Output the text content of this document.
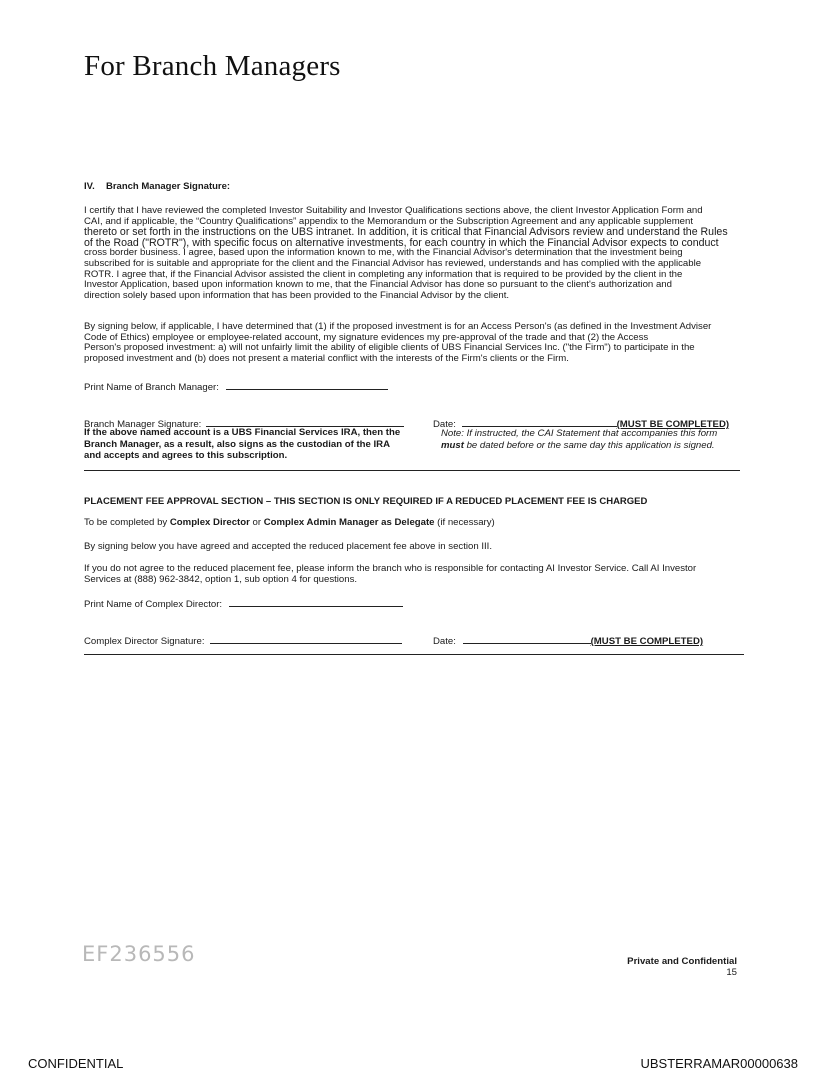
For Branch Managers
IV. Branch Manager Signature:
I certify that I have reviewed the completed Investor Suitability and Investor Qualifications sections above, the client Investor Application Form and
CAI, and if applicable, the “Country Qualifications” appendix to the Memorandum or the Subscription Agreement and any applicable supplement
thereto or set forth in the instructions on the UBS intranet. In addition, it is critical that Financial Advisors review and understand the Rules
of the Road ("ROTR"), with specific focus on alternative investments, for each country in which the Financial Advisor expects to conduct
cross border business. I agree, based upon the information known to me, with the Financial Advisor's determination that the investment being
subscribed for is suitable and appropriate for the client and the Financial Advisor has reviewed, understands and has complied with the applicable
ROTR. I agree that, if the Financial Advisor assisted the client in completing any information that is required to be provided by the client in the
Investor Application, based upon information known to me, that the Financial Advisor has done so pursuant to the client's authorization and
direction solely based upon information that has been provided to the Financial Advisor by the client.
By signing below, if applicable, I have determined that (1) if the proposed investment is for an Access Person's (as defined in the Investment Adviser
Code of Ethics) employee or employee-related account, my signature evidences my pre-approval of the trade and that (2) the Access
Person's proposed investment: a) will not unfairly limit the ability of eligible clients of UBS Financial Services Inc. ("the Firm") to participate in the
proposed investment and (b) does not present a material conflict with the interests of the Firm's clients or the Firm.
Print Name of Branch Manager:
Branch Manager Signature:
If the above named account is a UBS Financial Services IRA, then the
Branch Manager, as a result, also signs as the custodian of the IRA
and accepts and agrees to this subscription.
Date:	(MUST BE COMPLETED)
Note: If instructed, the CAI Statement that accompanies this form
must be dated before or the same day this application is signed.
PLACEMENT FEE APPROVAL SECTION – THIS SECTION IS ONLY REQUIRED IF A REDUCED PLACEMENT FEE IS CHARGED
To be completed by Complex Director or Complex Admin Manager as Delegate (if necessary)
By signing below you have agreed and accepted the reduced placement fee above in section III.
If you do not agree to the reduced placement fee, please inform the branch who is responsible for contacting AI Investor Service. Call AI Investor
Services at (888) 962-3842, option 1, sub option 4 for questions.
Print Name of Complex Director:
Complex Director Signature:	Date:	(MUST BE COMPLETED)
EF236556	Private and Confidential
15
CONFIDENTIAL	UBSTERRAMAR00000638
